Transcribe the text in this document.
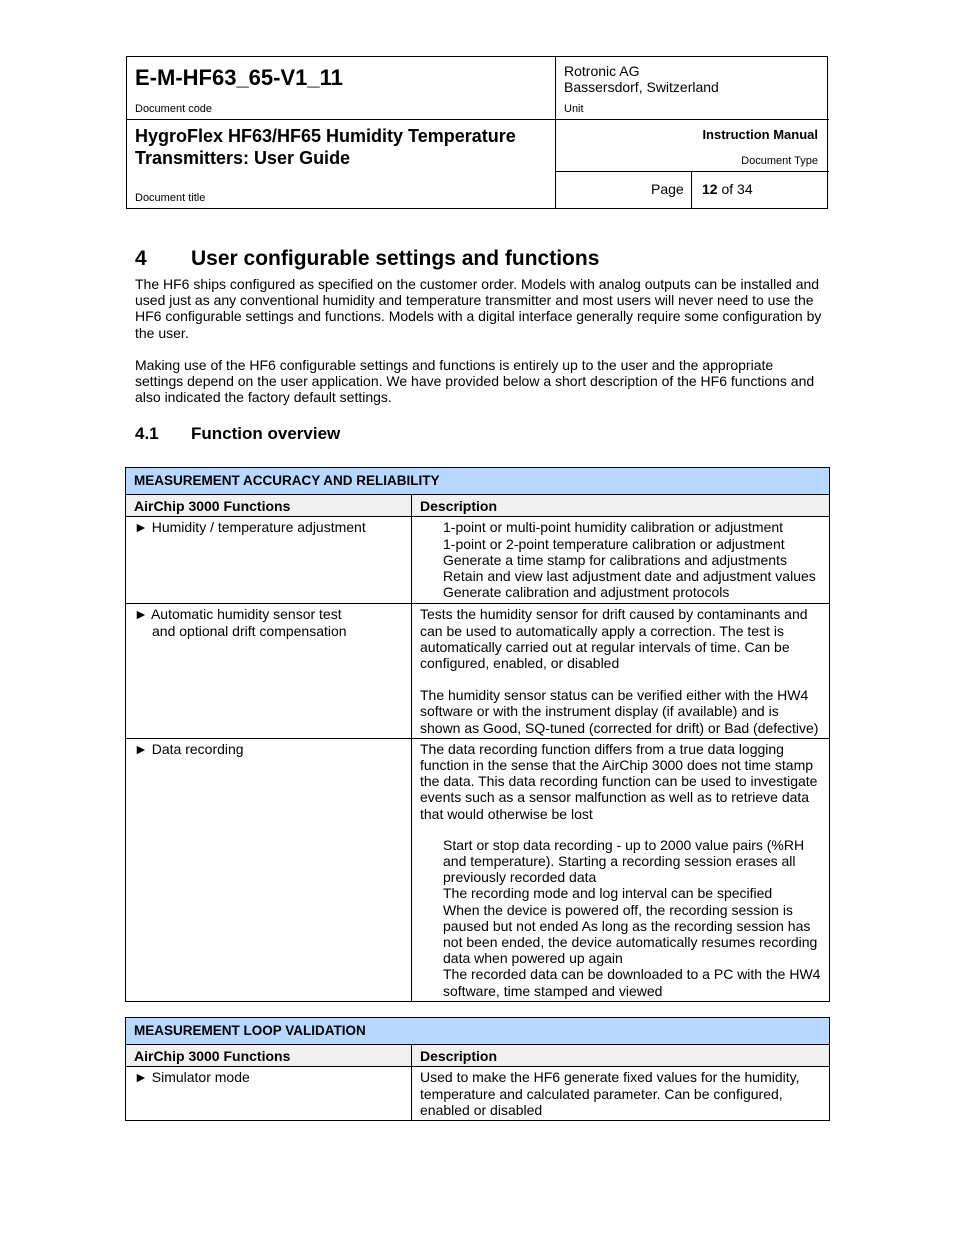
E-M-HF63_65-V1_11
Document code
Rotronic AG
Bassersdorf, Switzerland
Unit
HygroFlex HF63/HF65 Humidity Temperature
Transmitters: User Guide
Document title
Instruction Manual
Document Type
Page 12 of 34
4 User configurable settings and functions
The HF6 ships configured as specified on the customer order. Models with analog outputs can be installed and used just as any conventional humidity and temperature transmitter and most users will never need to use the HF6 configurable settings and functions. Models with a digital interface generally require some configuration by the user.
Making use of the HF6 configurable settings and functions is entirely up to the user and the appropriate settings depend on the user application. We have provided below a short description of the HF6 functions and also indicated the factory default settings.
4.1 Function overview
MEASUREMENT ACCURACY AND RELIABILITY	
AirChip 3000 Functions	Description

► Humidity / temperature adjustment	1-point or multi-point humidity calibration or adjustment
1-point or 2-point temperature calibration or adjustment
Generate a time stamp for calibrations and adjustments
Retain and view last adjustment date and adjustment values
Generate calibration and adjustment protocols

► Automatic humidity sensor test
and optional drift compensation	Tests the humidity sensor for drift caused by contaminants and can be used to automatically apply a correction. The test is automatically carried out at regular intervals of time. Can be configured, enabled, or disabled
The humidity sensor status can be verified either with the HW4 software or with the instrument display (if available) and is shown as Good, SQ-tuned (corrected for drift) or Bad (defective)

► Data recording	The data recording function differs from a true data logging function in the sense that the AirChip 3000 does not time stamp the data. This data recording function can be used to investigate events such as a sensor malfunction as well as to retrieve data that would otherwise be lost
Start or stop data recording - up to 2000 value pairs (%RH and temperature). Starting a recording session erases all previously recorded data
The recording mode and log interval can be specified
When the device is powered off, the recording session is paused but not ended As long as the recording session has not been ended, the device automatically resumes recording data when powered up again
The recorded data can be downloaded to a PC with the HW4 software, time stamped and viewed
MEASUREMENT LOOP VALIDATION	
AirChip 3000 Functions	Description

► Simulator mode	Used to make the HF6 generate fixed values for the humidity, temperature and calculated parameter. Can be configured, enabled or disabled
